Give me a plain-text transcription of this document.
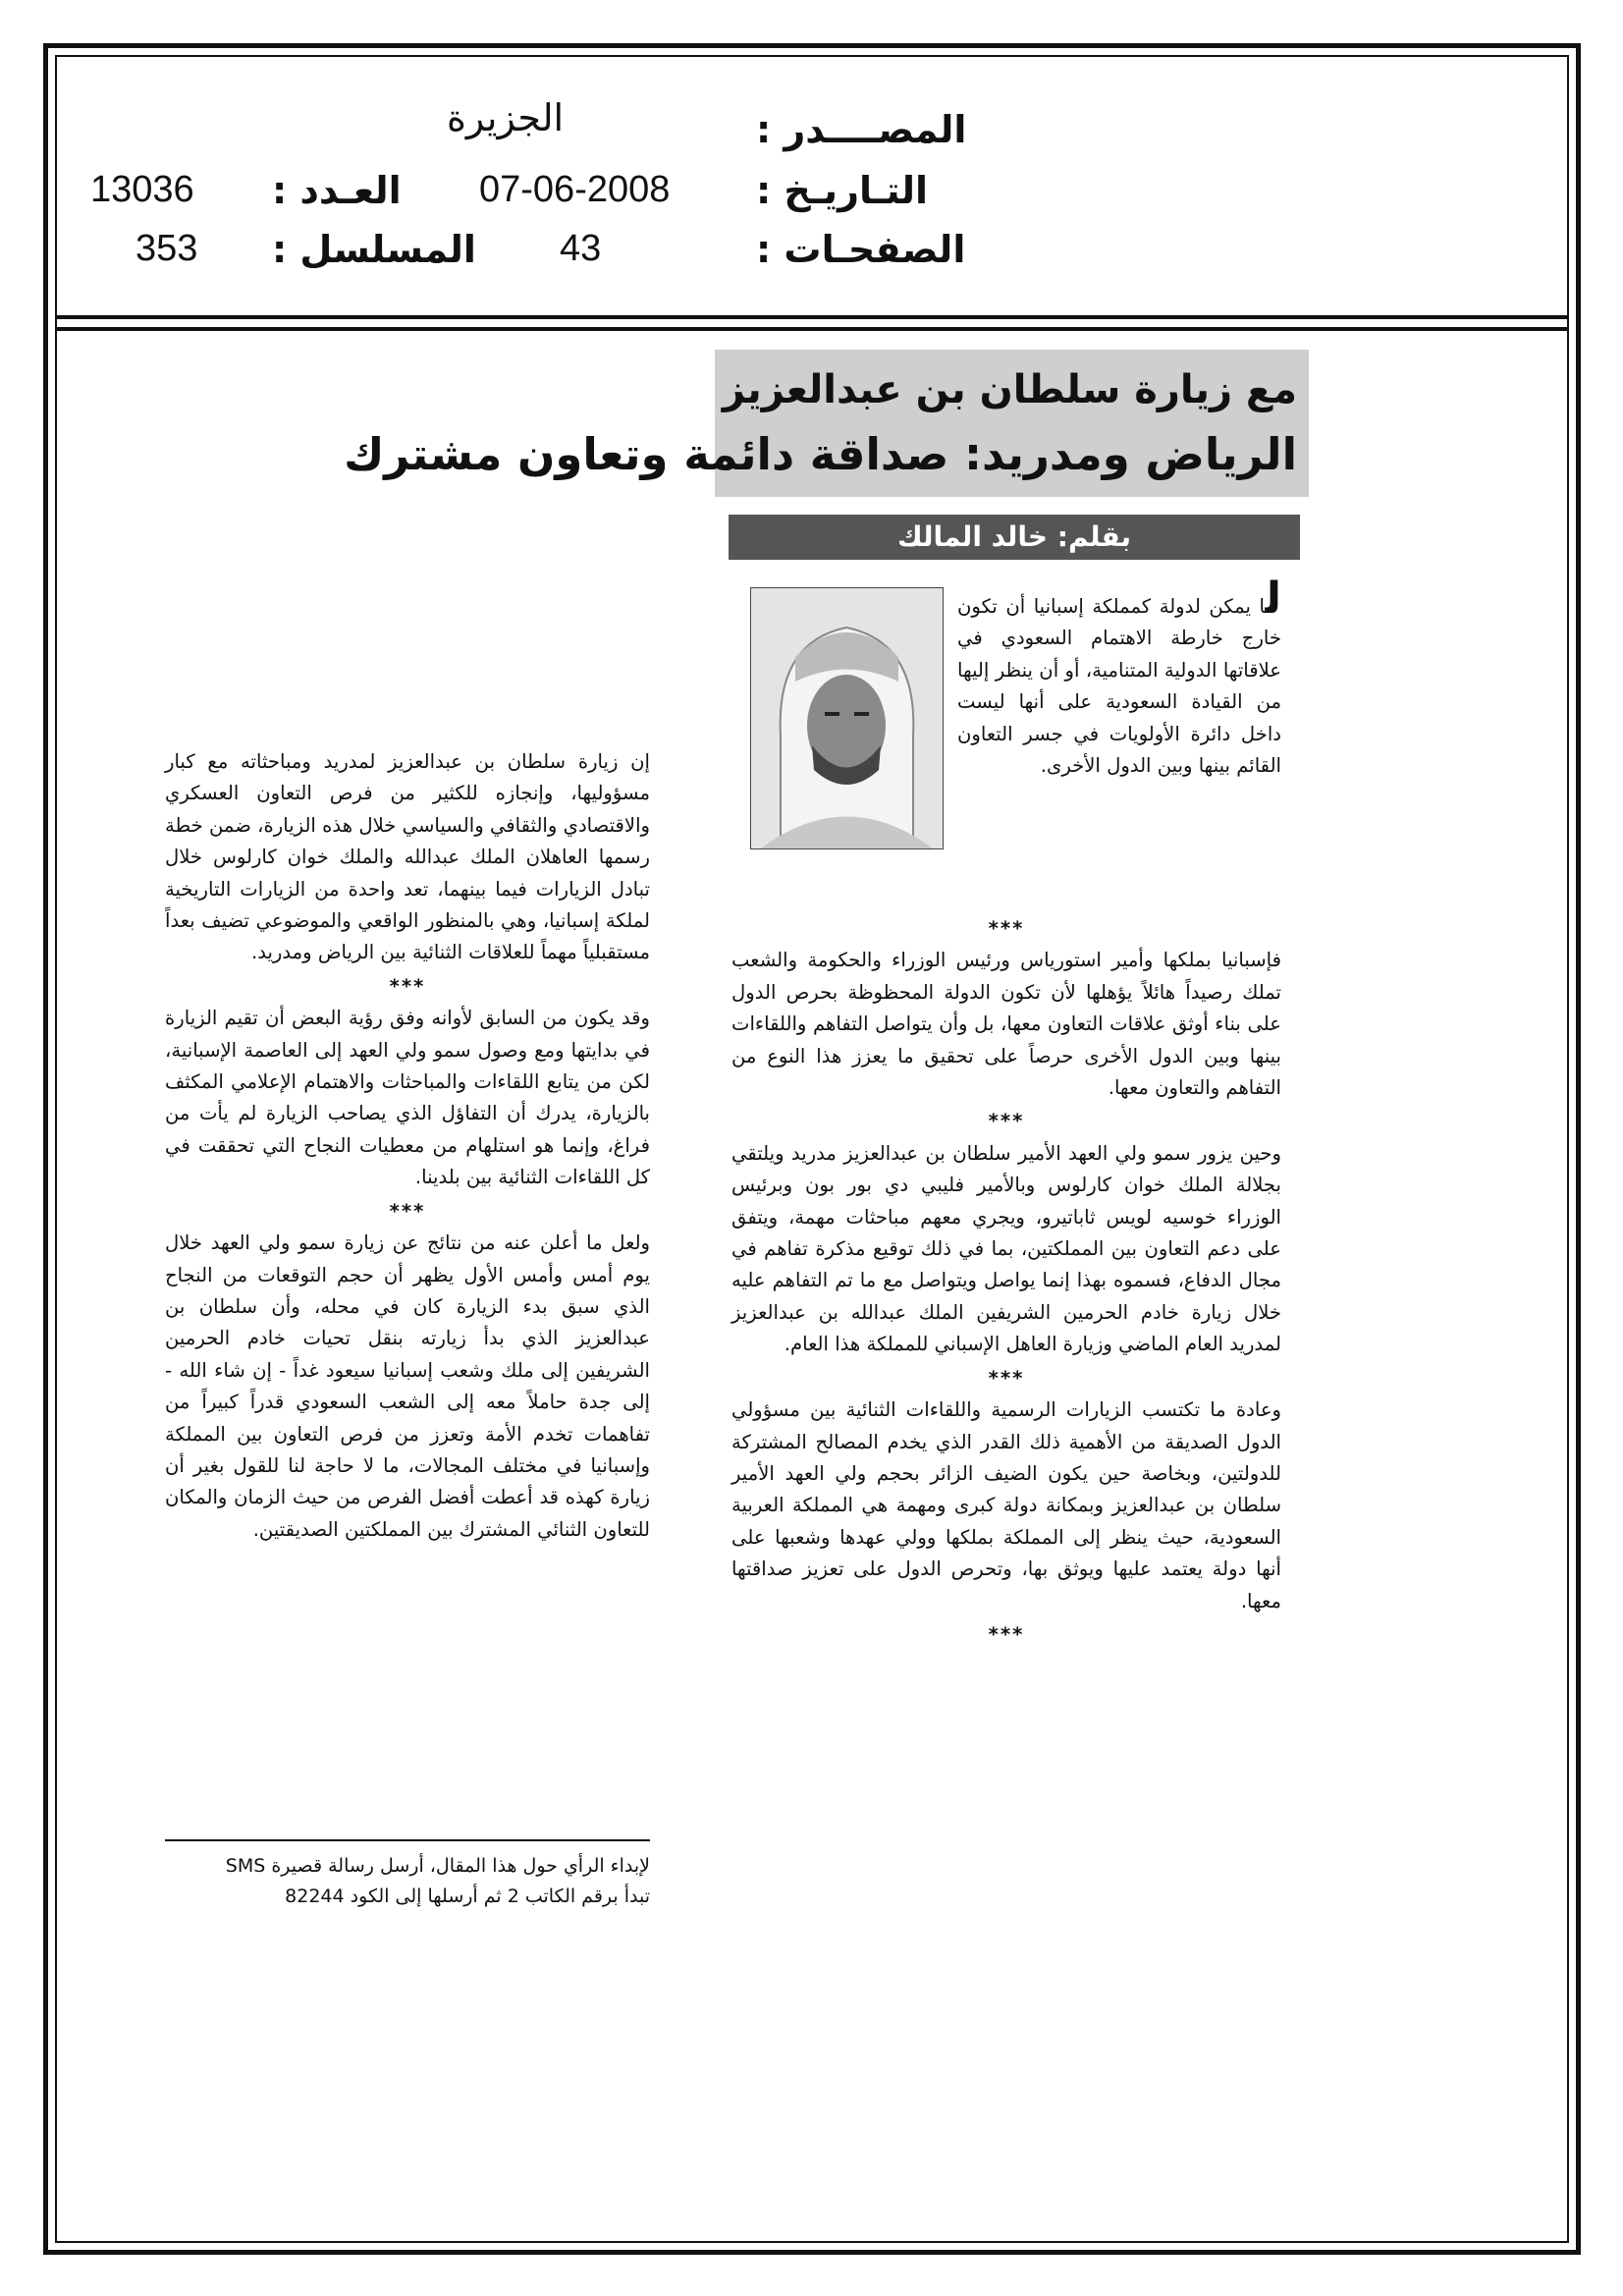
الجزيرة	المصــــدر :
التـاريـخ :
07-06-2008
العـدد :
13036
الصفحـات :
43
المسلسل :
353
مع زيارة سلطان بن عبدالعزيز
الرياض ومدريد: صداقة دائمة وتعاون مشترك
بقلم: خالد المالك

لا يمكن لدولة كمملكة إسبانيا أن تكون خارج خارطة الاهتمام السعودي في علاقاتها الدولية المتنامية، أو أن ينظر إليها من القيادة السعودية على أنها ليست داخل دائرة الأولويات في جسر التعاون القائم بينها وبين الدول الأخرى.

***

فإسبانيا بملكها وأمير استورياس ورئيس الوزراء والحكومة والشعب تملك رصيداً هائلاً يؤهلها لأن تكون الدولة المحظوظة بحرص الدول على بناء أوثق علاقات التعاون معها، بل وأن يتواصل التفاهم واللقاءات بينها وبين الدول الأخرى حرصاً على تحقيق ما يعزز هذا النوع من التفاهم والتعاون معها.

***

وحين يزور سمو ولي العهد الأمير سلطان بن عبدالعزيز مدريد ويلتقي بجلالة الملك خوان كارلوس وبالأمير فليبي دي بور بون وبرئيس الوزراء خوسيه لويس ثاباتيرو، ويجري معهم مباحثات مهمة، ويتفق على دعم التعاون بين المملكتين، بما في ذلك توقيع مذكرة تفاهم في مجال الدفاع، فسموه بهذا إنما يواصل ويتواصل مع ما تم التفاهم عليه خلال زيارة خادم الحرمين الشريفين الملك عبدالله بن عبدالعزيز لمدريد العام الماضي وزيارة العاهل الإسباني للمملكة هذا العام.

***

وعادة ما تكتسب الزيارات الرسمية واللقاءات الثنائية بين مسؤولي الدول الصديقة من الأهمية ذلك القدر الذي يخدم المصالح المشتركة للدولتين، وبخاصة حين يكون الضيف الزائر بحجم ولي العهد الأمير سلطان بن عبدالعزيز وبمكانة دولة كبرى ومهمة هي المملكة العربية السعودية، حيث ينظر إلى المملكة بملكها وولي عهدها وشعبها على أنها دولة يعتمد عليها ويوثق بها، وتحرص الدول على تعزيز صداقتها معها.

***

إن زيارة سلطان بن عبدالعزيز لمدريد ومباحثاته مع كبار مسؤوليها، وإنجازه للكثير من فرص التعاون العسكري والاقتصادي والثقافي والسياسي خلال هذه الزيارة، ضمن خطة رسمها العاهلان الملك عبدالله والملك خوان كارلوس خلال تبادل الزيارات فيما بينهما، تعد واحدة من الزيارات التاريخية لملكة إسبانيا، وهي بالمنظور الواقعي والموضوعي تضيف بعداً مستقبلياً مهماً للعلاقات الثنائية بين الرياض ومدريد.

***

وقد يكون من السابق لأوانه وفق رؤية البعض أن تقيم الزيارة في بدايتها ومع وصول سمو ولي العهد إلى العاصمة الإسبانية، لكن من يتابع اللقاءات والمباحثات والاهتمام الإعلامي المكثف بالزيارة، يدرك أن التفاؤل الذي يصاحب الزيارة لم يأت من فراغ، وإنما هو استلهام من معطيات النجاح التي تحققت في كل اللقاءات الثنائية بين بلدينا.

***

ولعل ما أعلن عنه من نتائج عن زيارة سمو ولي العهد خلال يوم أمس وأمس الأول يظهر أن حجم التوقعات من النجاح الذي سبق بدء الزيارة كان في محله، وأن سلطان بن عبدالعزيز الذي بدأ زيارته بنقل تحيات خادم الحرمين الشريفين إلى ملك وشعب إسبانيا سيعود غداً - إن شاء الله - إلى جدة حاملاً معه إلى الشعب السعودي قدراً كبيراً من تفاهمات تخدم الأمة وتعزز من فرص التعاون بين المملكة وإسبانيا في مختلف المجالات، ما لا حاجة لنا للقول بغير أن زيارة كهذه قد أعطت أفضل الفرص من حيث الزمان والمكان للتعاون الثنائي المشترك بين المملكتين الصديقتين.

لإبداء الرأي حول هذا المقال، أرسل رسالة قصيرة SMS
تبدأ برقم الكاتب 2 ثم أرسلها إلى الكود 82244
